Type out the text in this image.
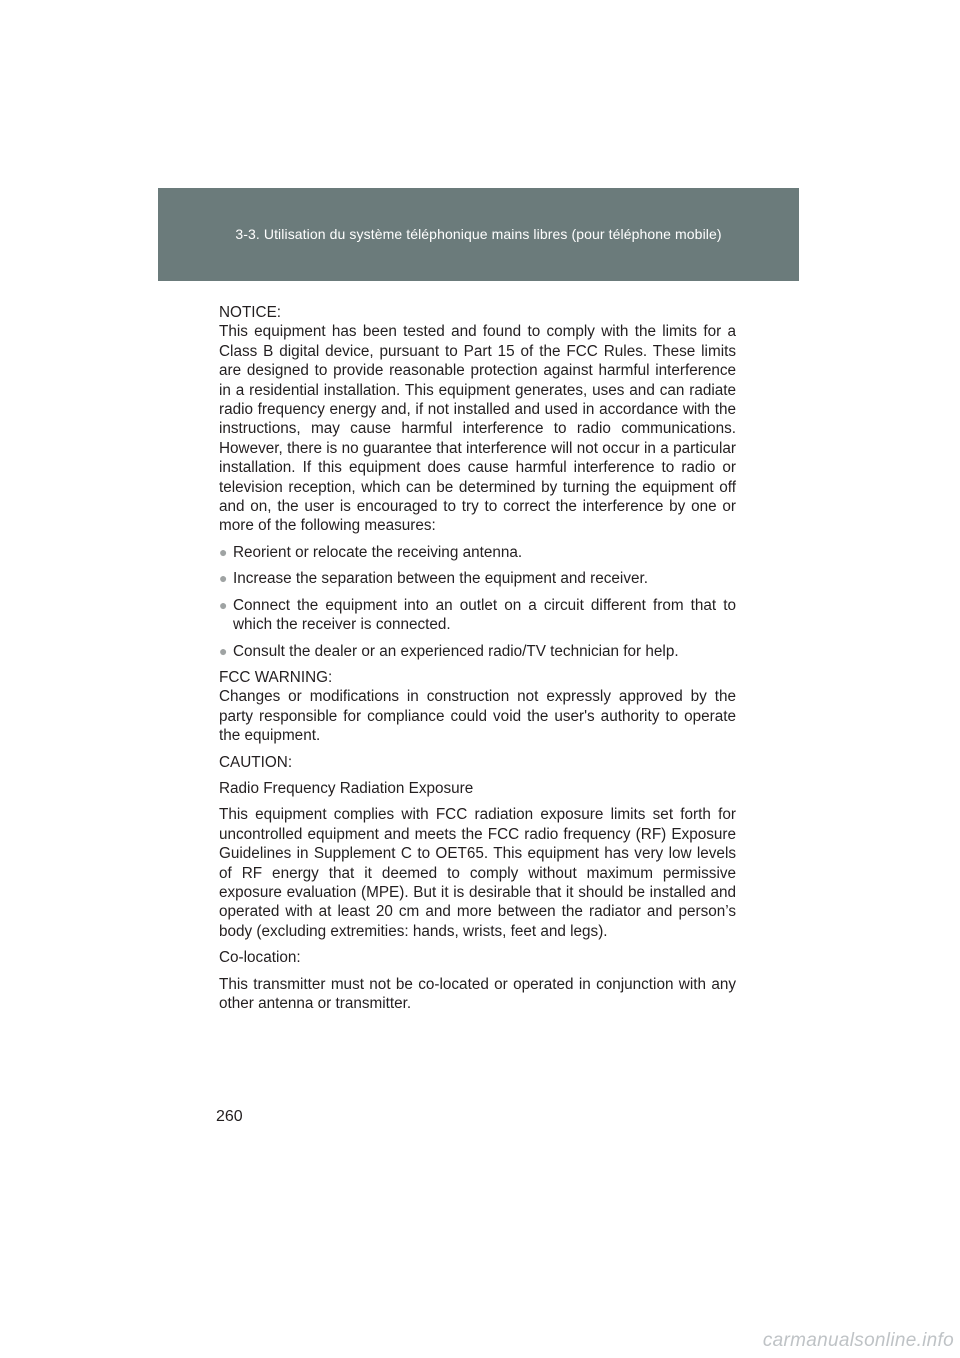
3-3. Utilisation du système téléphonique mains libres (pour téléphone mobile)

NOTICE:

This equipment has been tested and found to comply with the limits for a Class B digital device, pursuant to Part 15 of the FCC Rules. These limits are designed to provide reasonable protection against harmful interference in a residential installation. This equipment generates, uses and can radiate radio frequency energy and, if not installed and used in accordance with the instructions, may cause harmful interference to radio communications. However, there is no guarantee that interference will not occur in a particular installation. If this equipment does cause harmful interference to radio or television reception, which can be determined by turning the equipment off and on, the user is encouraged to try to correct the interference by one or more of the following measures:

● Reorient or relocate the receiving antenna.
● Increase the separation between the equipment and receiver.
● Connect the equipment into an outlet on a circuit different from that to which the receiver is connected.
● Consult the dealer or an experienced radio/TV technician for help.

FCC WARNING:

Changes or modifications in construction not expressly approved by the party responsible for compliance could void the user's authority to operate the equipment.

CAUTION:

Radio Frequency Radiation Exposure

This equipment complies with FCC radiation exposure limits set forth for uncontrolled equipment and meets the FCC radio frequency (RF) Exposure Guidelines in Supplement C to OET65. This equipment has very low levels of RF energy that it deemed to comply without maximum permissive exposure evaluation (MPE). But it is desirable that it should be installed and operated with at least 20 cm and more between the radiator and person’s body (excluding extremities: hands, wrists, feet and legs).

Co-location:

This transmitter must not be co-located or operated in conjunction with any other antenna or transmitter.

260
carmanualsonline.info
